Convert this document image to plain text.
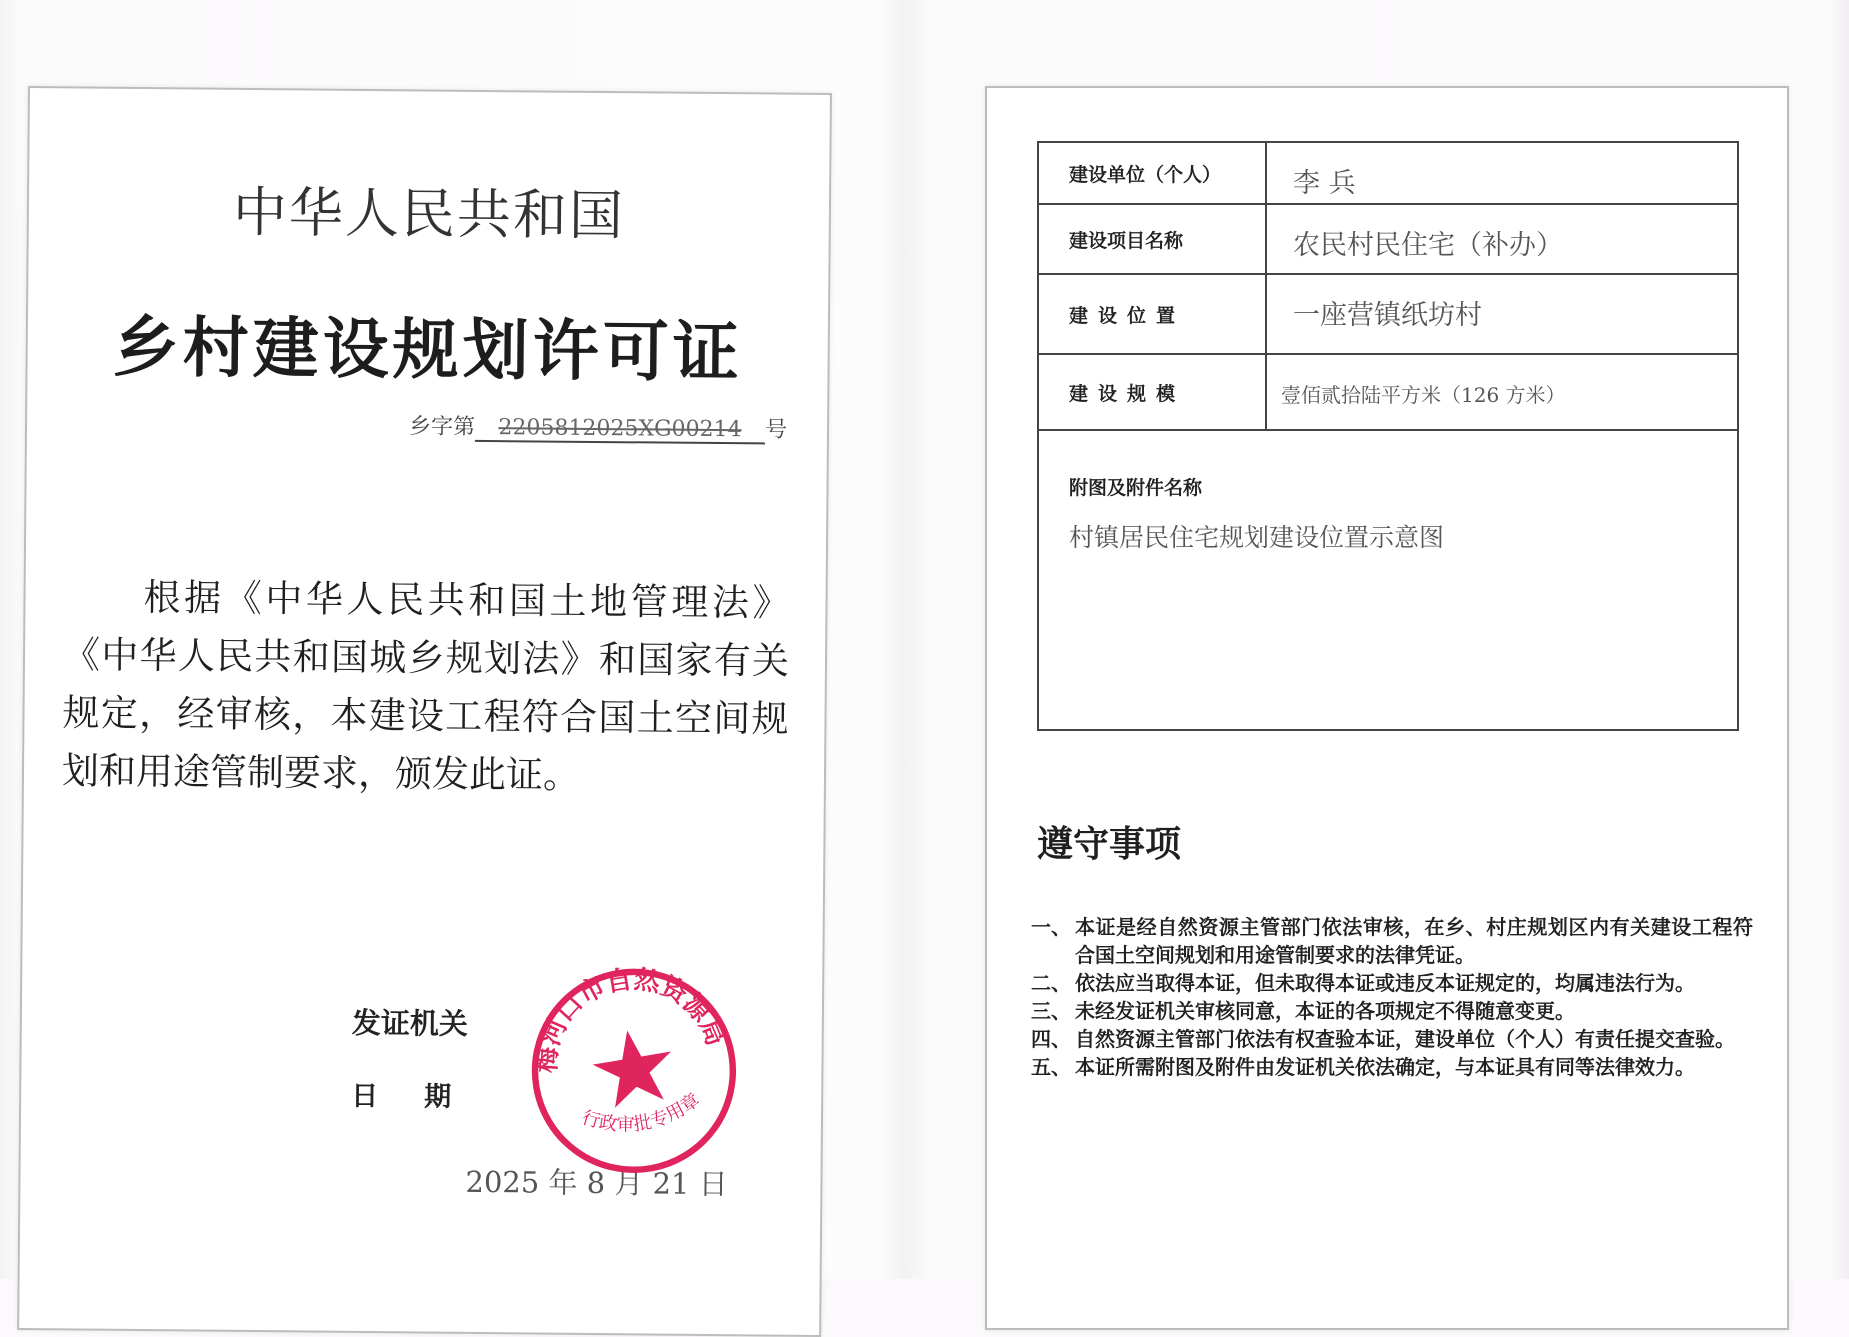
中华人民共和国
乡村建设规划许可证
乡字第 2205812025XG00214 号
根据《中华人民共和国土地管理法》《中华人民共和国城乡规划法》和国家有关规定，经审核，本建设工程符合国土空间规划和用途管制要求，颁发此证。
发证机关
日期
2025 年 8 月 21 日
梅河口市自然资源局
行政审批专用章
建设单位（个人）	李 兵
建设项目名称	农民村民住宅（补办）
建设位置	一座营镇纸坊村
建设规模	壹佰贰拾陆平方米（126 方米）
附图及附件名称
村镇居民住宅规划建设位置示意图
遵守事项
一、 本证是经自然资源主管部门依法审核，在乡、村庄规划区内有关建设工程符合国土空间规划和用途管制要求的法律凭证。
二、 依法应当取得本证，但未取得本证或违反本证规定的，均属违法行为。
三、 未经发证机关审核同意，本证的各项规定不得随意变更。
四、 自然资源主管部门依法有权查验本证，建设单位（个人）有责任提交查验。
五、 本证所需附图及附件由发证机关依法确定，与本证具有同等法律效力。
